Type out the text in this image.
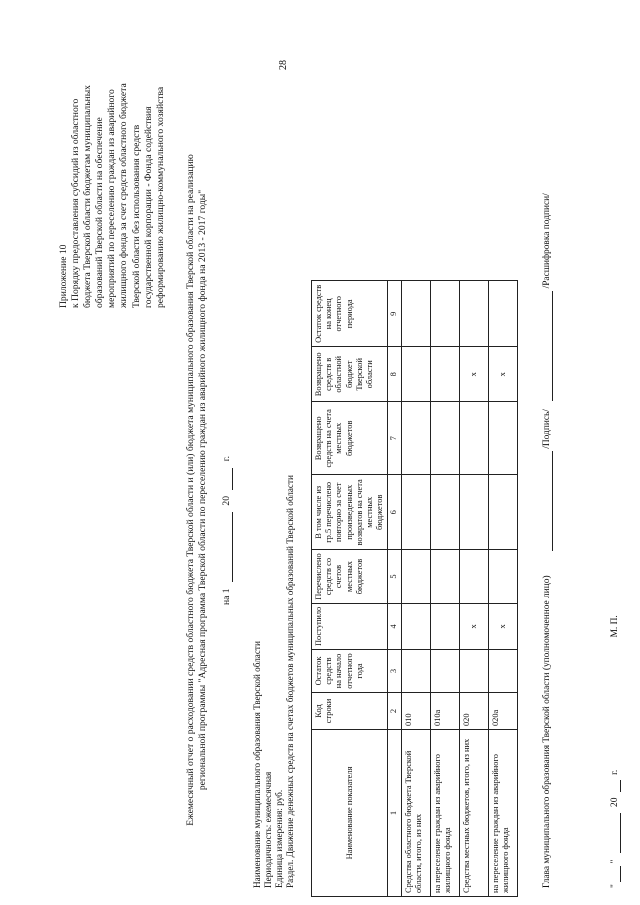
28
Приложение 10 к Порядку предоставления субсидий из областного бюджета Тверской области бюджетам муниципальных образований Тверской области на обеспечение мероприятий по переселению граждан из аварийного жилищного фонда за счет средств областного бюджета Тверской области без использования средств государственной корпорации - Фонда содействия реформированию жилищно-коммунального хозяйства Ежемесячный отчет о расходовании средств областного бюджета Тверской области и (или) бюджета муниципального образования Тверской области на реализацию региональной программы "Адресная программа Тверской области по переселению граждан из аварийного жилищного фонда на 2013 - 2017 годы" на 1   20   г.
Наименование муниципального образования Тверской области Периодичность: ежемесячная Единица измерения: руб. Раздел. Движение денежных средств на счетах бюджетов муниципальных образований Тверской области	Наименование показателя	Код строки	Остаток средств на начало отчетного года	Поступило	Перечислено средств со счетов местных бюджетов	В том числе из гр.5 перечислено повторно за счет произведенных возвратов на счета местных бюджетов	Возвращено средств на счета местных бюджетов	Возвращено средств в областной бюджет Тверской области	Остаток средств на конец отчетного периода
1	2	3	4	5	6	7	8	9
Средства областного бюджета Тверской области, итого, из них	010							
на переселение граждан из аварийного жилищного фонда	010а							
Средства местных бюджетов, итого, из них	020		x				x	
на переселение граждан из аварийного жилищного фонда	020а		x				x	
Глава муниципального образования Тверской области (уполномоченное лицо)   /Подпись/   /Расшифровка подписи/
"   "   20   г. М. П.
